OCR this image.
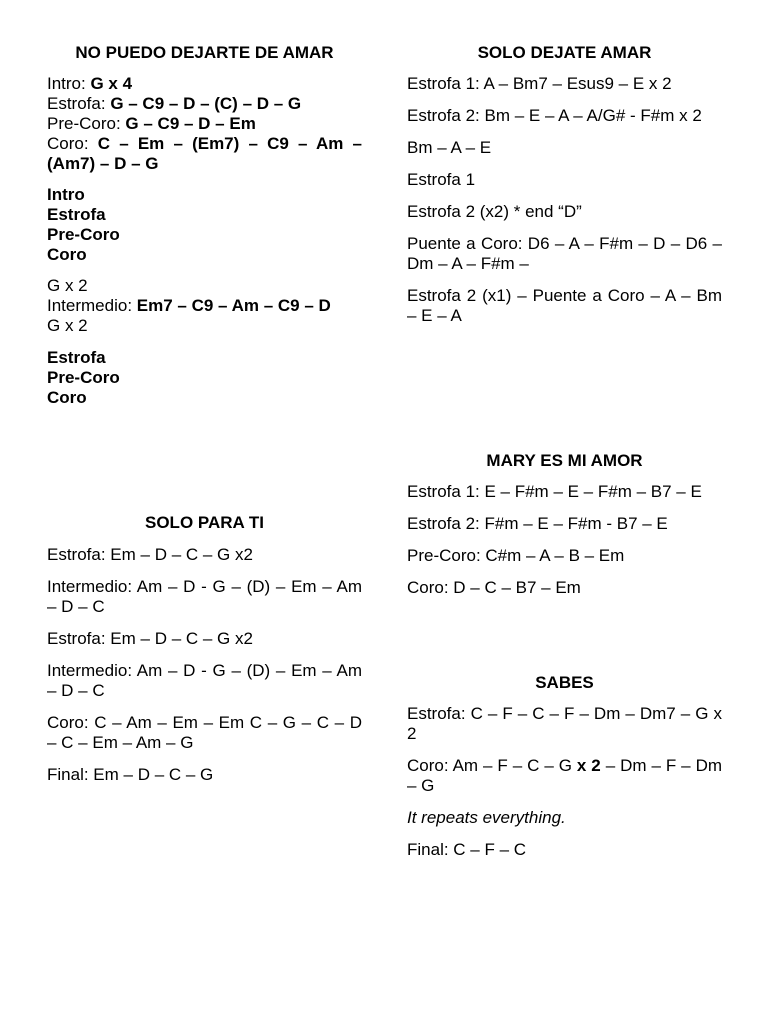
NO PUEDO DEJARTE DE AMAR

Intro: G x 4

Estrofa: G – C9 – D – (C) – D – G

Pre-Coro: G – C9 – D – Em

Coro: C – Em – (Em7) – C9 – Am – (Am7) – D – G

Intro

Estrofa

Pre-Coro

Coro

G x 2

Intermedio: Em7 – C9 – Am – C9 – D

G x 2

Estrofa

Pre-Coro

Coro

SOLO PARA TI

Estrofa: Em – D – C – G x2

Intermedio: Am – D - G – (D) – Em – Am – D – C

Estrofa: Em – D – C – G x2

Intermedio: Am – D - G – (D) – Em – Am – D – C

Coro: C – Am – Em – Em C – G – C – D – C – Em – Am – G

Final: Em – D – C – G

SOLO DEJATE AMAR

Estrofa 1: A – Bm7 – Esus9 – E x 2

Estrofa 2: Bm – E – A – A/G# - F#m x 2

Bm – A – E

Estrofa 1

Estrofa 2 (x2) * end “D”

Puente a Coro: D6 – A – F#m – D – D6 – Dm – A – F#m –

Estrofa 2 (x1) – Puente a Coro – A – Bm – E – A

MARY ES MI AMOR

Estrofa 1: E – F#m – E – F#m – B7 – E

Estrofa 2: F#m – E – F#m - B7 – E

Pre-Coro: C#m – A – B – Em

Coro: D – C – B7 – Em

SABES

Estrofa: C – F – C – F – Dm – Dm7 – G x 2

Coro: Am – F – C – G x 2 – Dm – F – Dm – G

It repeats everything.

Final: C – F – C
